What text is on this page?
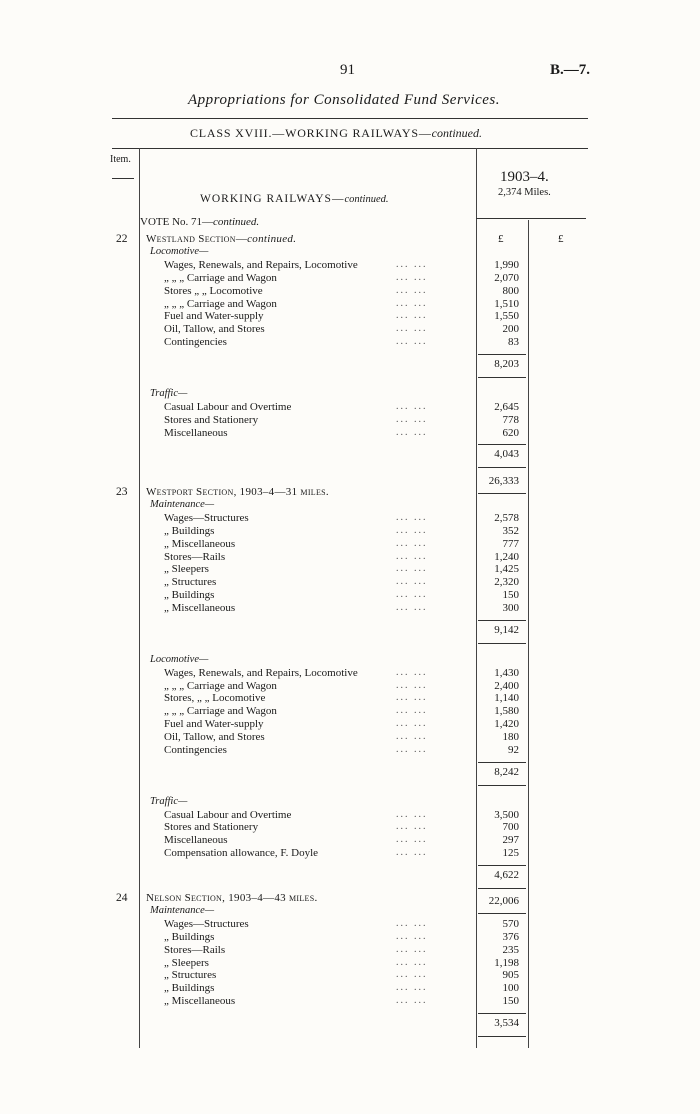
91	B.—7.
Appropriations for Consolidated Fund Services.
CLASS XVIII.—WORKING RAILWAYS—continued.
Item.
1903–4.
2,374 Miles.
WORKING RAILWAYS—continued.
VOTE No. 71—continued.
£	£
22 Westland Section—continued.
Locomotive—
Wages, Renewals, and Repairs, Locomotive	... ...	1,990
„ „ „ Carriage and Wagon	... ...	2,070
Stores „ „ Locomotive	... ...	800
„ „ „ Carriage and Wagon	... ...	1,510
Fuel and Water-supply	... ...	1,550
Oil, Tallow, and Stores	... ...	200
Contingencies	... ...	83
8,203
Traffic—
Casual Labour and Overtime	... ...	2,645
Stores and Stationery	... ...	778
Miscellaneous	... ...	620
4,043
26,333
23 Westport Section, 1903–4—31 miles.
Maintenance—
Wages—Structures	... ...	2,578
„ Buildings	... ...	352
„ Miscellaneous	... ...	777
Stores—Rails	... ...	1,240
„ Sleepers	... ...	1,425
„ Structures	... ...	2,320
„ Buildings	... ...	150
„ Miscellaneous	... ...	300
9,142
Locomotive—
Wages, Renewals, and Repairs, Locomotive	... ...	1,430
„ „ „ Carriage and Wagon	... ...	2,400
Stores, „ „ Locomotive	... ...	1,140
„ „ „ Carriage and Wagon	... ...	1,580
Fuel and Water-supply	... ...	1,420
Oil, Tallow, and Stores	... ...	180
Contingencies	... ...	92
8,242
Traffic—
Casual Labour and Overtime	... ...	3,500
Stores and Stationery	... ...	700
Miscellaneous	... ...	297
Compensation allowance, F. Doyle	... ...	125
4,622
22,006
24 Nelson Section, 1903–4—43 miles.
Maintenance—
Wages—Structures	... ...	570
„ Buildings	... ...	376
Stores—Rails	... ...	235
„ Sleepers	... ...	1,198
„ Structures	... ...	905
„ Buildings	... ...	100
„ Miscellaneous	... ...	150
3,534
